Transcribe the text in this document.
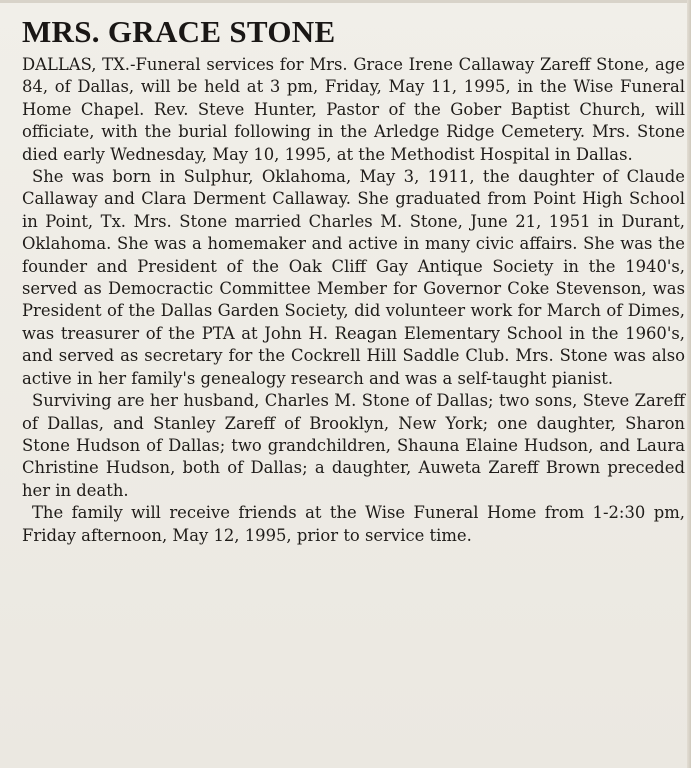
MRS. GRACE STONE

DALLAS, TX.-Funeral services for Mrs. Grace Irene Callaway Zareff Stone, age 84, of Dallas, will be held at 3 pm, Friday, May 11, 1995, in the Wise Funeral Home Chapel. Rev. Steve Hunter, Pastor of the Gober Baptist Church, will officiate, with the burial following in the Arledge Ridge Cemetery. Mrs. Stone died early Wednesday, May 10, 1995, at the Methodist Hospital in Dallas.

She was born in Sulphur, Oklahoma, May 3, 1911, the daughter of Claude Callaway and Clara Derment Callaway. She graduated from Point High School in Point, Tx. Mrs. Stone married Charles M. Stone, June 21, 1951 in Durant, Oklahoma. She was a homemaker and active in many civic affairs. She was the founder and President of the Oak Cliff Gay Antique Society in the 1940's, served as Democractic Committee Member for Governor Coke Stevenson, was President of the Dallas Garden Society, did volunteer work for March of Dimes, was treasurer of the PTA at John H. Reagan Elementary School in the 1960's, and served as secretary for the Cockrell Hill Saddle Club. Mrs. Stone was also active in her family's genealogy research and was a self-taught pianist.

Surviving are her husband, Charles M. Stone of Dallas; two sons, Steve Zareff of Dallas, and Stanley Zareff of Brooklyn, New York; one daughter, Sharon Stone Hudson of Dallas; two grandchildren, Shauna Elaine Hudson, and Laura Christine Hudson, both of Dallas; a daughter, Auweta Zareff Brown preceded her in death.

The family will receive friends at the Wise Funeral Home from 1-2:30 pm, Friday afternoon, May 12, 1995, prior to service time.
